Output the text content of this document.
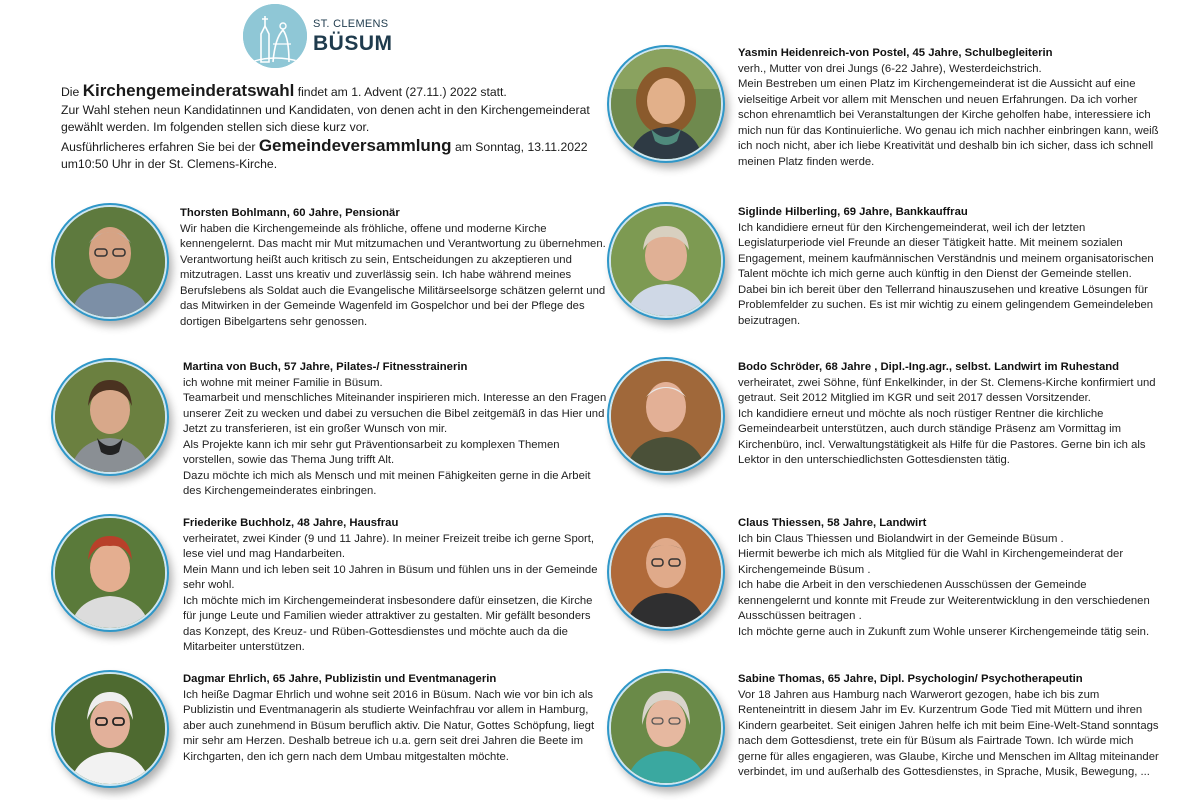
ST. CLEMENS
BÜSUM

Die Kirchengemeinderatswahl findet am 1. Advent (27.11.) 2022 statt.

Zur Wahl stehen neun Kandidatinnen und Kandidaten, von denen acht in den Kirchengemeinderat gewählt werden. Im folgenden stellen sich diese kurz vor.

Ausführlicheres erfahren Sie bei der Gemeindeversammlung am Sonntag, 13.11.2022 um10:50 Uhr in der St. Clemens-Kirche.

Yasmin Heidenreich-von Postel, 45 Jahre, Schulbegleiterin

verh., Mutter von drei Jungs (6-22 Jahre), Westerdeichstrich.

Mein Bestreben um einen Platz im Kirchengemeinderat ist die Aussicht auf eine vielseitige Arbeit vor allem mit Menschen und neuen Erfahrungen. Da ich vorher schon ehrenamtlich bei Veranstaltungen der Kirche geholfen habe, interessiere ich mich nun für das Kontinuierliche. Wo genau ich mich nachher einbringen kann, weiß ich noch nicht, aber ich liebe Kreativität und deshalb bin ich sicher, dass ich schnell meinen Platz finden werde.

Thorsten Bohlmann, 60 Jahre, Pensionär

Wir haben die Kirchengemeinde als fröhliche, offene und moderne Kirche kennengelernt. Das macht mir Mut mitzumachen und Verantwortung zu übernehmen. Verantwortung heißt auch kritisch zu sein, Entscheidungen zu akzeptieren und mitzutragen. Lasst uns kreativ und zuverlässig sein. Ich habe während meines Berufslebens als Soldat auch die Evangelische Militärseelsorge schätzen gelernt und das Mitwirken in der Gemeinde Wagenfeld im Gospelchor und bei der Pflege des dortigen Bibelgartens sehr genossen.

Siglinde Hilberling, 69 Jahre, Bankkauffrau

Ich kandidiere erneut für den Kirchengemeinderat, weil ich der letzten Legislaturperiode viel Freunde an dieser Tätigkeit hatte. Mit meinem sozialen Engagement, meinem kaufmännischen Verständnis und meinem organisatorischen Talent möchte ich mich gerne auch künftig in den Dienst der Gemeinde stellen. Dabei bin ich bereit über den Tellerrand hinauszusehen und kreative Lösungen für Problemfelder zu suchen. Es ist mir wichtig zu einem gelingendem Gemeindeleben beizutragen.

Martina von Buch, 57 Jahre, Pilates-/ Fitnesstrainerin

ich wohne mit meiner Familie in Büsum.

Teamarbeit und menschliches Miteinander inspirieren mich. Interesse an den Fragen unserer Zeit zu wecken und dabei zu versuchen die Bibel zeitgemäß in das Hier und Jetzt zu transferieren, ist ein großer Wunsch von mir.

Als Projekte kann ich mir sehr gut Präventionsarbeit zu komplexen Themen vorstellen, sowie das Thema Jung trifft Alt.

Dazu möchte ich mich als Mensch und mit meinen Fähigkeiten gerne in die Arbeit des Kirchengemeinderates einbringen.

Bodo Schröder, 68 Jahre , Dipl.-Ing.agr., selbst. Landwirt im Ruhestand

verheiratet, zwei Söhne, fünf Enkelkinder, in der St. Clemens-Kirche konfirmiert und getraut. Seit 2012 Mitglied im KGR und seit 2017 dessen Vorsitzender.

Ich kandidiere erneut und möchte als noch rüstiger Rentner die kirchliche Gemeindearbeit unterstützen, auch durch ständige Präsenz am Vormittag im Kirchenbüro, incl. Verwaltungstätigkeit als Hilfe für die Pastores. Gerne bin ich als Lektor in den unterschiedlichsten Gottesdiensten tätig.

Friederike Buchholz, 48 Jahre, Hausfrau

verheiratet, zwei Kinder (9 und 11 Jahre). In meiner Freizeit treibe ich gerne Sport, lese viel und mag Handarbeiten.

Mein Mann und ich leben seit 10 Jahren in Büsum und fühlen uns in der Gemeinde sehr wohl.

Ich möchte mich im Kirchengemeinderat insbesondere dafür einsetzen, die Kirche für junge Leute und Familien wieder attraktiver zu gestalten. Mir gefällt besonders das Konzept, des Kreuz- und Rüben-Gottesdienstes und möchte auch da die Mitarbeiter unterstützen.

Claus Thiessen, 58 Jahre, Landwirt

Ich bin Claus Thiessen und Biolandwirt in der Gemeinde Büsum .

Hiermit bewerbe ich mich als Mitglied für die Wahl in Kirchengemeinderat der Kirchengemeinde Büsum .

Ich habe die Arbeit in den verschiedenen Ausschüssen der Gemeinde kennengelernt und konnte mit Freude zur Weiterentwicklung in den verschiedenen Ausschüssen beitragen .

Ich möchte gerne auch in Zukunft zum Wohle unserer Kirchengemeinde tätig sein.

Dagmar Ehrlich, 65 Jahre, Publizistin und Eventmanagerin

Ich heiße Dagmar Ehrlich und wohne seit 2016 in Büsum. Nach wie vor bin ich als Publizistin und Eventmanagerin als studierte Weinfachfrau vor allem in Hamburg, aber auch zunehmend in Büsum beruflich aktiv. Die Natur, Gottes Schöpfung, liegt mir sehr am Herzen. Deshalb betreue ich u.a. gern seit drei Jahren die Beete im Kirchgarten, den ich gern nach dem Umbau mitgestalten möchte.

Sabine Thomas, 65 Jahre, Dipl. Psychologin/ Psychotherapeutin

Vor 18 Jahren aus Hamburg nach Warwerort gezogen, habe ich bis zum Renteneintritt in diesem Jahr im Ev. Kurzentrum Gode Tied mit Müttern und ihren Kindern gearbeitet. Seit einigen Jahren helfe ich mit beim Eine-Welt-Stand sonntags nach dem Gottesdienst, trete ein für Büsum als Fairtrade Town. Ich würde mich gerne für alles engagieren, was Glaube, Kirche und Menschen im Alltag miteinander verbindet, im und außerhalb des Gottesdienstes, in Sprache, Musik, Bewegung, ...
